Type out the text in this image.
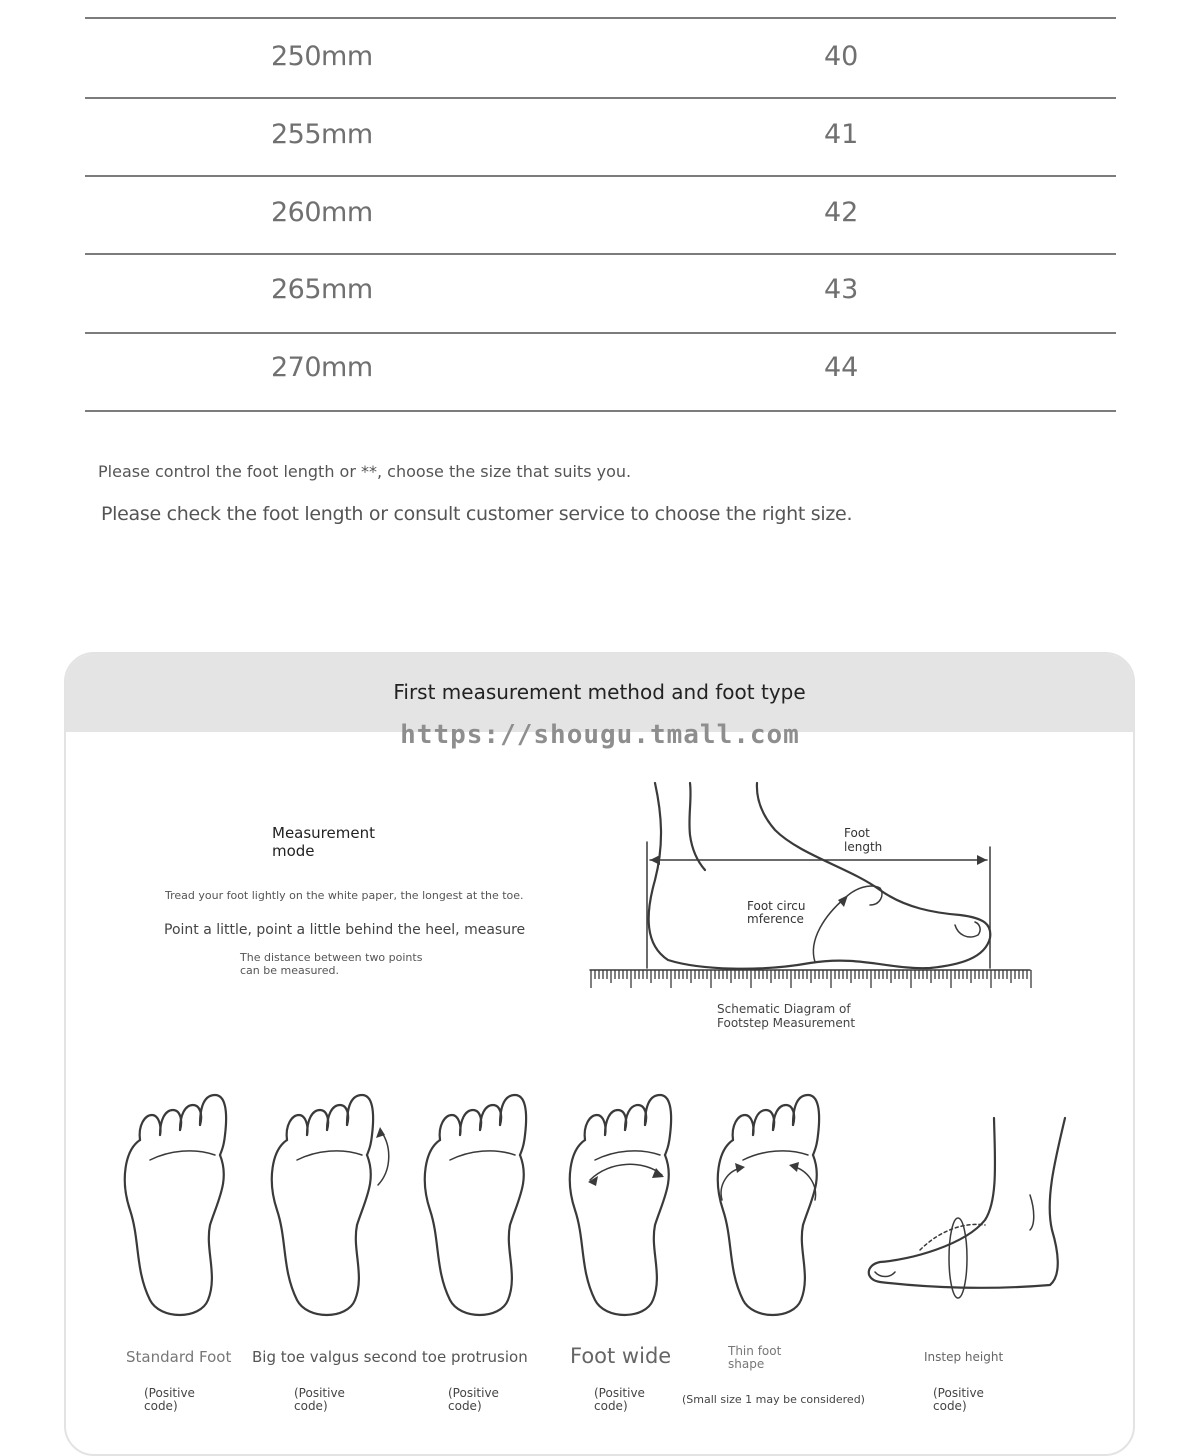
250mm	40
255mm	41
260mm	42
265mm	43
270mm	44
Please control the foot length or **, choose the size that suits you.
Please check the foot length or consult customer service to choose the right size.
First measurement method and foot type
https://shougu.tmall.com
Measurement mode
Tread your foot lightly on the white paper, the longest at the toe.
Point a little, point a little behind the heel, measure
The distance between two points can be measured.
Foot length
Foot circu mference
Schematic Diagram of Footstep Measurement
Standard Foot
(Positive code)
Big toe valgus second toe protrusion
(Positive code)
(Positive code)
Foot wide
(Positive code)
Thin foot shape
(Small size 1 may be considered)
Instep height
(Positive code)
